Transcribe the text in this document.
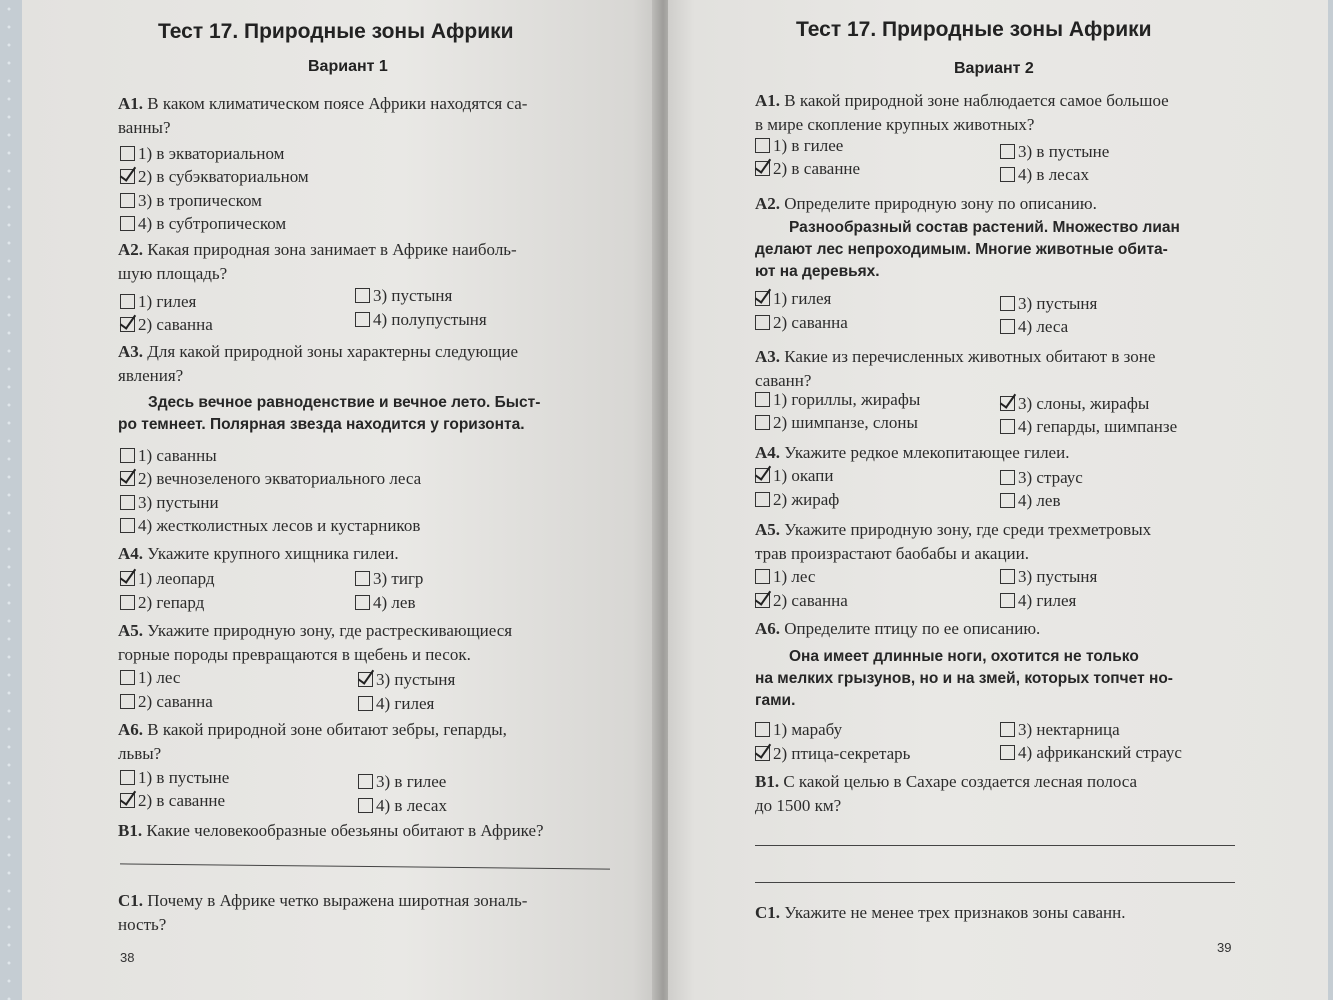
Тест 17. Природные зоны Африки
Вариант 1
А1. В каком климатическом поясе Африки находятся са-
ванны?
1) в экваториальном
2) в субэкваториальном
3) в тропическом
4) в субтропическом
А2. Какая природная зона занимает в Африке наиболь-
шую площадь?
1) гилея	3) пустыня
2) саванна	4) полупустыня
А3. Для какой природной зоны характерны следующие
явления?
Здесь вечное равноденствие и вечное лето. Быст-
ро темнеет. Полярная звезда находится у горизонта.
1) саванны
2) вечнозеленого экваториального леса
3) пустыни
4) жестколистных лесов и кустарников
А4. Укажите крупного хищника гилеи.
1) леопард	3) тигр
2) гепард	4) лев
А5. Укажите природную зону, где растрескивающиеся
горные породы превращаются в щебень и песок.
1) лес	3) пустыня
2) саванна	4) гилея
А6. В какой природной зоне обитают зебры, гепарды,
львы?
1) в пустыне	3) в гилее
2) в саванне	4) в лесах
В1. Какие человекообразные обезьяны обитают в Африке?
С1. Почему в Африке четко выражена широтная зональ-
ность?
38
Тест 17. Природные зоны Африки
Вариант 2
А1. В какой природной зоне наблюдается самое большое
в мире скопление крупных животных?
1) в гилее	3) в пустыне
2) в саванне	4) в лесах
А2. Определите природную зону по описанию.
Разнообразный состав растений. Множество лиан
делают лес непроходимым. Многие животные обита-
ют на деревьях.
1) гилея	3) пустыня
2) саванна	4) леса
А3. Какие из перечисленных животных обитают в зоне
саванн?
1) гориллы, жирафы	3) слоны, жирафы
2) шимпанзе, слоны	4) гепарды, шимпанзе
А4. Укажите редкое млекопитающее гилеи.
1) окапи	3) страус
2) жираф	4) лев
А5. Укажите природную зону, где среди трехметровых
трав произрастают баобабы и акации.
1) лес	3) пустыня
2) саванна	4) гилея
А6. Определите птицу по ее описанию.
Она имеет длинные ноги, охотится не только
на мелких грызунов, но и на змей, которых топчет но-
гами.
1) марабу	3) нектарница
2) птица-секретарь	4) африканский страус
В1. С какой целью в Сахаре создается лесная полоса
до 1500 км?
С1. Укажите не менее трех признаков зоны саванн.
39
